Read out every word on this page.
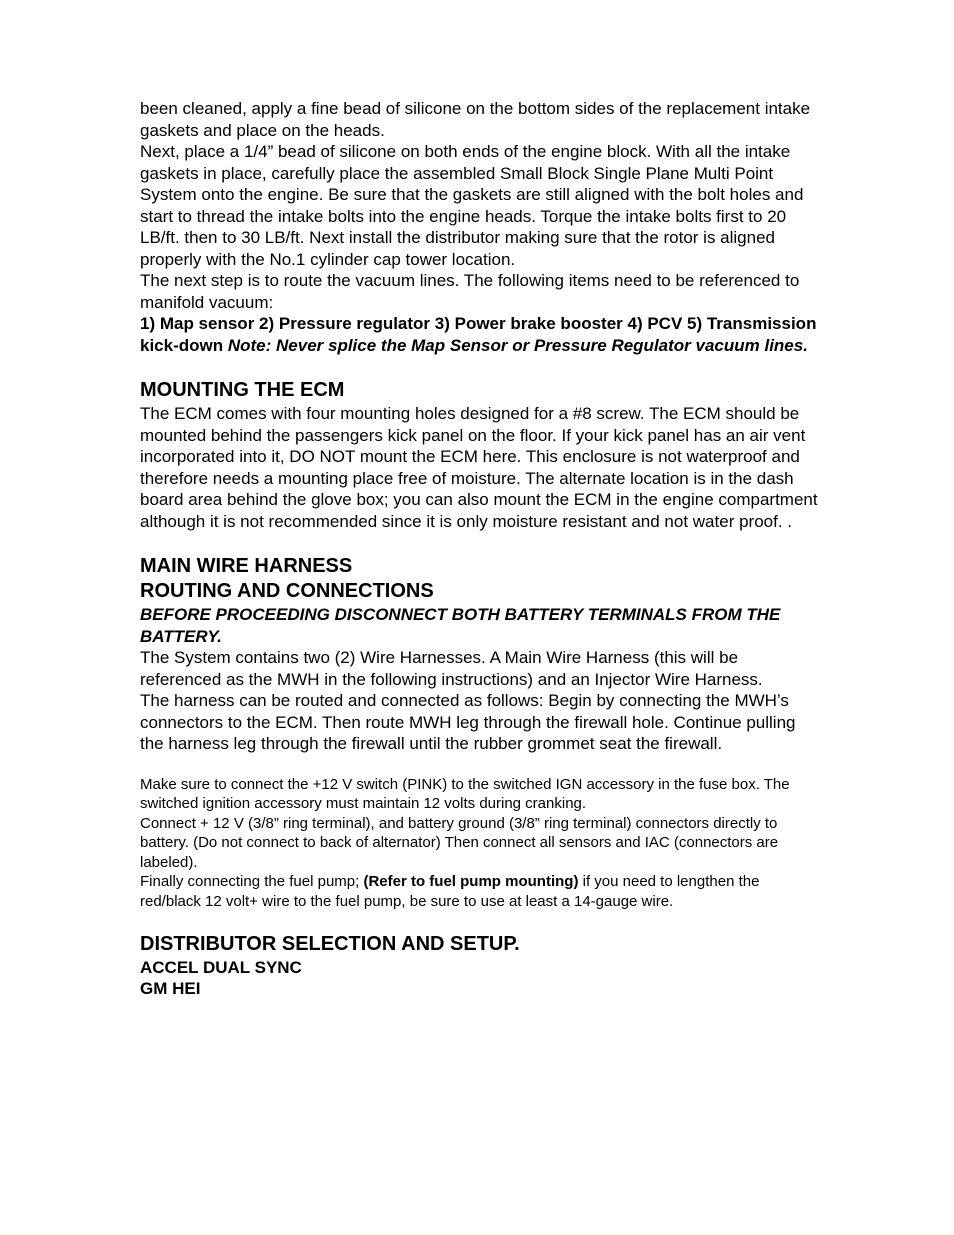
been cleaned, apply a fine bead of silicone on the bottom sides of the replacement intake gaskets and place on the heads.

Next, place a 1/4” bead of silicone on both ends of the engine block. With all the intake gaskets in place, carefully place the assembled Small Block Single Plane Multi Point System onto the engine. Be sure that the gaskets are still aligned with the bolt holes and start to thread the intake bolts into the engine heads. Torque the intake bolts first to 20 LB/ft. then to 30 LB/ft. Next install the distributor making sure that the rotor is aligned properly with the No.1 cylinder cap tower location.

The next step is to route the vacuum lines. The following items need to be referenced to manifold vacuum:

1) Map sensor 2) Pressure regulator 3) Power brake booster 4) PCV 5) Transmission kick-down Note: Never splice the Map Sensor or Pressure Regulator vacuum lines.

MOUNTING THE ECM

The ECM comes with four mounting holes designed for a #8 screw. The ECM should be mounted behind the passengers kick panel on the floor. If your kick panel has an air vent incorporated into it, DO NOT mount the ECM here. This enclosure is not waterproof and therefore needs a mounting place free of moisture. The alternate location is in the dash board area behind the glove box; you can also mount the ECM in the engine compartment although it is not recommended since it is only moisture resistant and not water proof. .

MAIN WIRE HARNESS
ROUTING AND CONNECTIONS

BEFORE PROCEEDING DISCONNECT BOTH BATTERY TERMINALS FROM THE BATTERY.

The System contains two (2) Wire Harnesses. A Main Wire Harness (this will be referenced as the MWH in the following instructions) and an Injector Wire Harness.

The harness can be routed and connected as follows: Begin by connecting the MWH’s connectors to the ECM. Then route MWH leg through the firewall hole. Continue pulling the harness leg through the firewall until the rubber grommet seat the firewall.

Make sure to connect the +12 V switch (PINK) to the switched IGN accessory in the fuse box. The switched ignition accessory must maintain 12 volts during cranking.

Connect + 12 V (3/8” ring terminal), and battery ground (3/8” ring terminal) connectors directly to battery. (Do not connect to back of alternator) Then connect all sensors and IAC (connectors are labeled).

Finally connecting the fuel pump; (Refer to fuel pump mounting) if you need to lengthen the red/black 12 volt+ wire to the fuel pump, be sure to use at least a 14-gauge wire.

DISTRIBUTOR SELECTION AND SETUP.

ACCEL DUAL SYNC

GM HEI
